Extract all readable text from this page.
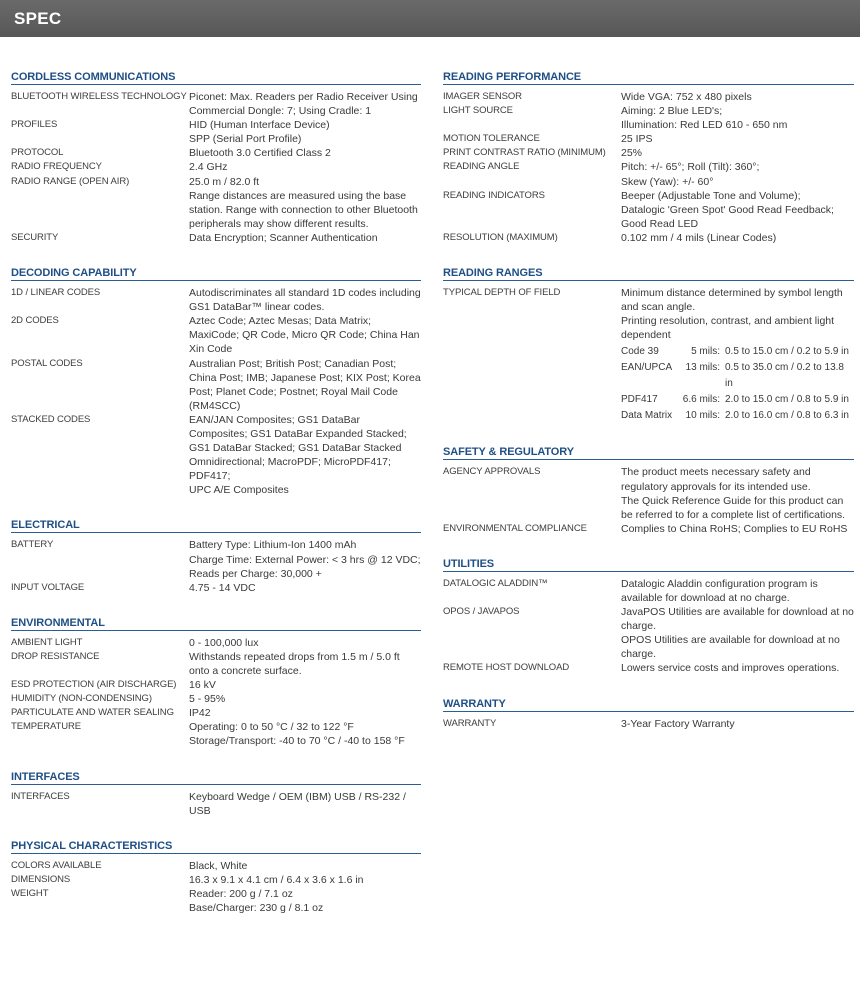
SPEC
CORDLESS COMMUNICATIONS
BLUETOOTH WIRELESS TECHNOLOGY Piconet: Max. Readers per Radio Receiver Using Commercial Dongle: 7; Using Cradle: 1
PROFILES	HID (Human Interface Device)
SPP (Serial Port Profile)
PROTOCOL	Bluetooth 3.0 Certified Class 2
RADIO FREQUENCY	2.4 GHz
RADIO RANGE (OPEN AIR)	25.0 m / 82.0 ft
Range distances are measured using the base station. Range with connection to other Bluetooth peripherals may show different results.
SECURITY	Data Encryption; Scanner Authentication
DECODING CAPABILITY
1D / LINEAR CODES	Autodiscriminates all standard 1D codes including GS1 DataBar™ linear codes.
2D CODES	Aztec Code; Aztec Mesas; Data Matrix; MaxiCode; QR Code, Micro QR Code; China Han Xin Code
POSTAL CODES	Australian Post; British Post; Canadian Post; China Post; IMB; Japanese Post; KIX Post; Korea Post; Planet Code; Postnet; Royal Mail Code (RM4SCC)
STACKED CODES	EAN/JAN Composites; GS1 DataBar Composites; GS1 DataBar Expanded Stacked; GS1 DataBar Stacked; GS1 DataBar Stacked Omnidirectional; MacroPDF; MicroPDF417; PDF417;
UPC A/E Composites
ELECTRICAL
BATTERY	Battery Type: Lithium-Ion 1400 mAh
Charge Time: External Power: < 3 hrs @ 12 VDC; Reads per Charge: 30,000 +
INPUT VOLTAGE	4.75 - 14 VDC
ENVIRONMENTAL
AMBIENT LIGHT	0 - 100,000 lux
DROP RESISTANCE	Withstands repeated drops from 1.5 m / 5.0 ft onto a concrete surface.
ESD PROTECTION (AIR DISCHARGE)	16 kV
HUMIDITY (NON-CONDENSING)	5 - 95%
PARTICULATE AND WATER SEALING	IP42
TEMPERATURE	Operating: 0 to 50 °C / 32 to 122 °F
Storage/Transport: -40 to 70 °C / -40 to 158 °F
INTERFACES
INTERFACES	Keyboard Wedge / OEM (IBM) USB / RS-232 / USB
PHYSICAL CHARACTERISTICS
COLORS AVAILABLE	Black, White
DIMENSIONS	16.3 x 9.1 x 4.1 cm / 6.4 x 3.6 x 1.6 in
WEIGHT	Reader: 200 g / 7.1 oz
Base/Charger: 230 g / 8.1 oz
READING PERFORMANCE
IMAGER SENSOR	Wide VGA: 752 x 480 pixels
LIGHT SOURCE	Aiming: 2 Blue LED's;
Illumination: Red LED 610 - 650 nm
MOTION TOLERANCE	25 IPS
PRINT CONTRAST RATIO (MINIMUM)	25%
READING ANGLE	Pitch: +/- 65°; Roll (Tilt): 360°;
Skew (Yaw): +/- 60°
READING INDICATORS	Beeper (Adjustable Tone and Volume);
Datalogic 'Green Spot' Good Read Feedback; Good Read LED
RESOLUTION (MAXIMUM)	0.102 mm / 4 mils (Linear Codes)
READING RANGES
TYPICAL DEPTH OF FIELD	Minimum distance determined by symbol length and scan angle.
Printing resolution, contrast, and ambient light dependent
Code 39	5 mils: 0.5 to 15.0 cm / 0.2 to 5.9 in
EAN/UPCA	13 mils: 0.5 to 35.0 cm / 0.2 to 13.8 in
PDF417	6.6 mils: 2.0 to 15.0 cm / 0.8 to 5.9 in
Data Matrix	10 mils: 2.0 to 16.0 cm / 0.8 to 6.3 in
SAFETY & REGULATORY
AGENCY APPROVALS	The product meets necessary safety and regulatory approvals for its intended use.
The Quick Reference Guide for this product can be referred to for a complete list of certifications.
ENVIRONMENTAL COMPLIANCE	Complies to China RoHS; Complies to EU RoHS
UTILITIES
DATALOGIC ALADDIN™	Datalogic Aladdin configuration program is available for download at no charge.
OPOS / JAVAPOS	JavaPOS Utilities are available for download at no charge.
OPOS Utilities are available for download at no charge.
REMOTE HOST DOWNLOAD	Lowers service costs and improves operations.
WARRANTY
WARRANTY	3-Year Factory Warranty
